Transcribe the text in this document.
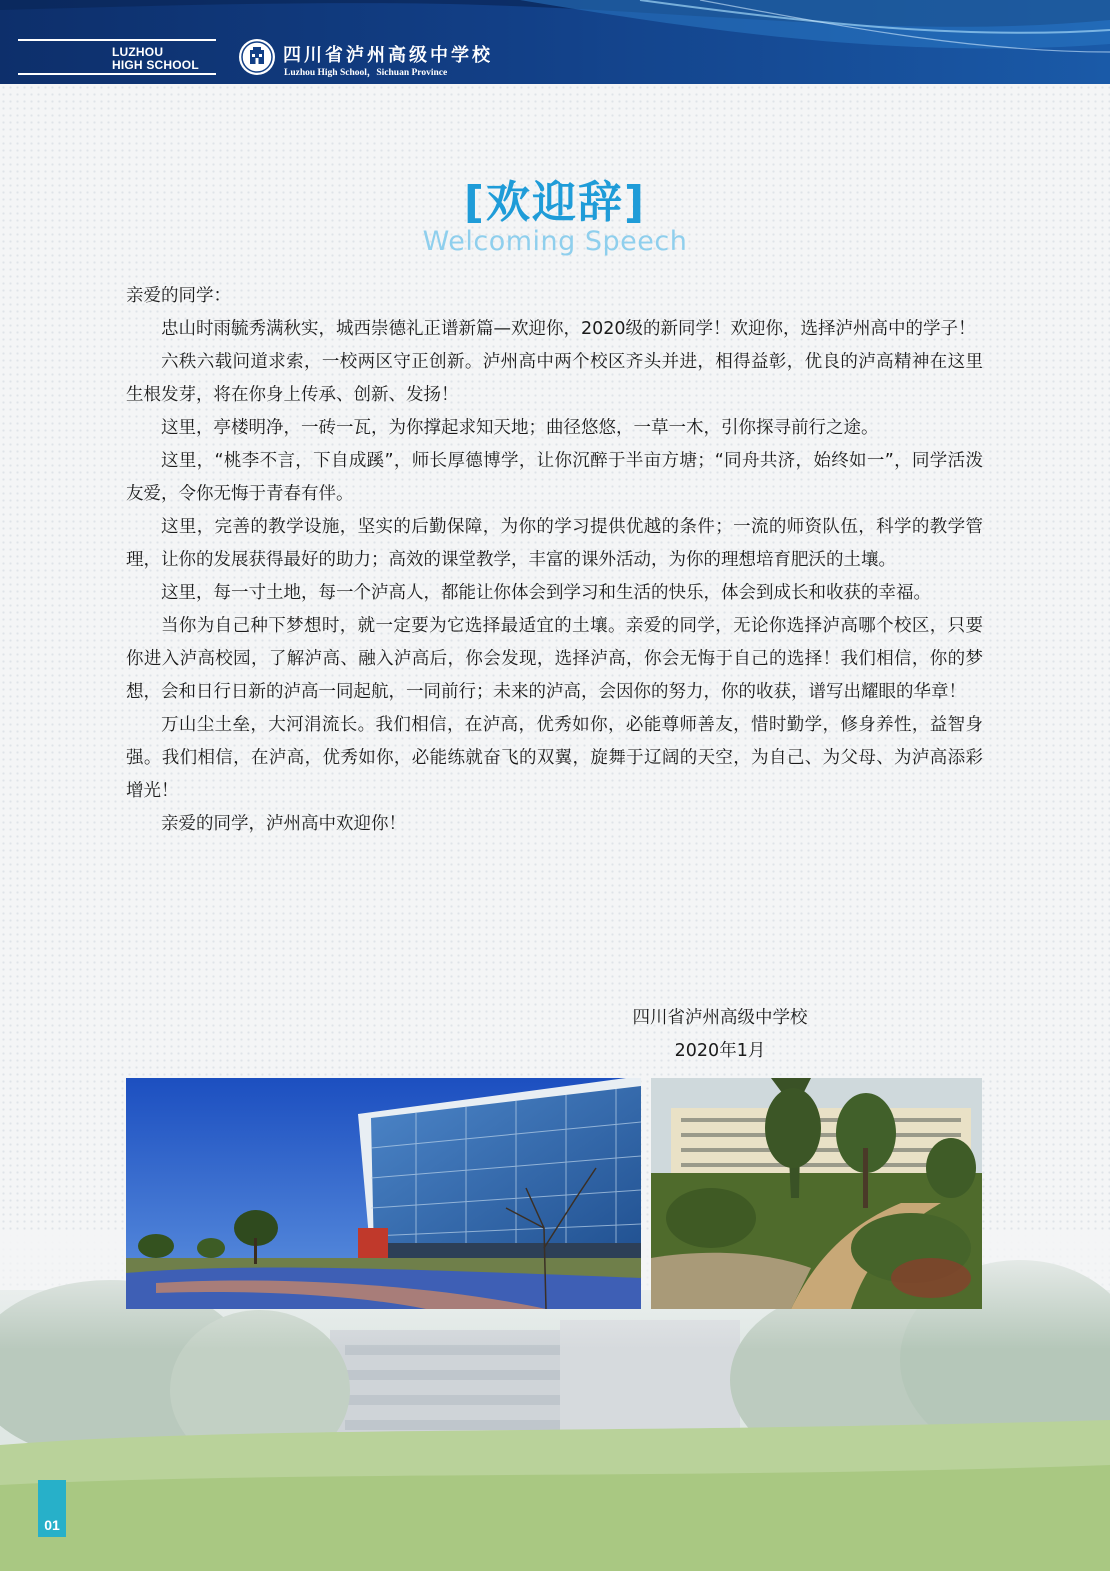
LUZHOU
HIGH SCHOOL	四川省泸州高级中学校
Luzhou High School，Sichuan Province
[欢迎辞]
Welcoming Speech

亲爱的同学：

忠山时雨毓秀满秋实，城西崇德礼正谱新篇—欢迎你，2020级的新同学！欢迎你，选择泸州高中的学子！

六秩六载问道求索，一校两区守正创新。泸州高中两个校区齐头并进，相得益彰，优良的泸高精神在这里生根发芽，将在你身上传承、创新、发扬！

这里，亭楼明净，一砖一瓦，为你撑起求知天地；曲径悠悠，一草一木，引你探寻前行之途。

这里，“桃李不言，下自成蹊”，师长厚德博学，让你沉醉于半亩方塘；“同舟共济，始终如一”，同学活泼友爱，令你无悔于青春有伴。

这里，完善的教学设施，坚实的后勤保障，为你的学习提供优越的条件；一流的师资队伍，科学的教学管理，让你的发展获得最好的助力；高效的课堂教学，丰富的课外活动，为你的理想培育肥沃的土壤。

这里，每一寸土地，每一个泸高人，都能让你体会到学习和生活的快乐，体会到成长和收获的幸福。

当你为自己种下梦想时，就一定要为它选择最适宜的土壤。亲爱的同学，无论你选择泸高哪个校区，只要你进入泸高校园，了解泸高、融入泸高后，你会发现，选择泸高，你会无悔于自己的选择！我们相信，你的梦想，会和日行日新的泸高一同起航，一同前行；未来的泸高，会因你的努力，你的收获，谱写出耀眼的华章！

万山尘土垒，大河涓流长。我们相信，在泸高，优秀如你，必能尊师善友，惜时勤学，修身养性，益智身强。我们相信，在泸高，优秀如你，必能练就奋飞的双翼，旋舞于辽阔的天空，为自己、为父母、为泸高添彩增光！

亲爱的同学，泸州高中欢迎你！

四川省泸州高级中学校
2020年1月
01
